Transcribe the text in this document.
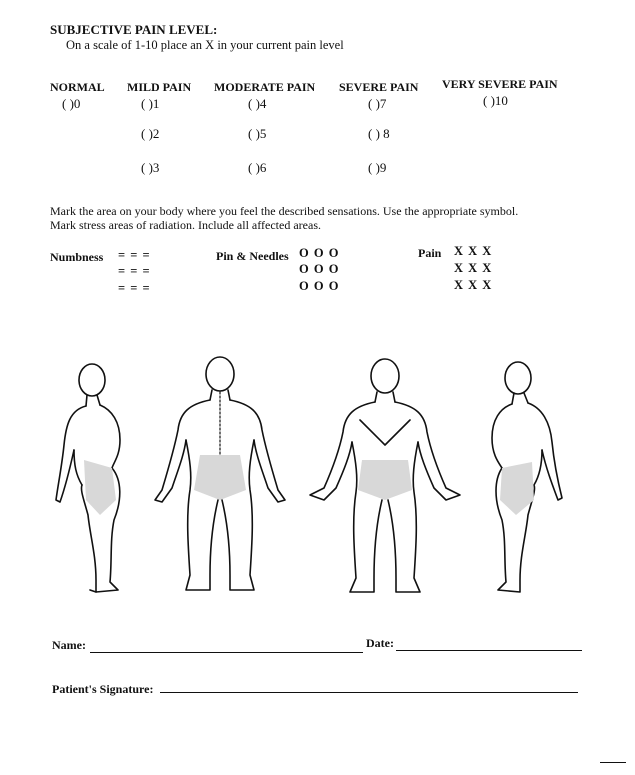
SUBJECTIVE PAIN LEVEL:
On a scale of 1-10 place an X in your current pain level
NORMAL MILD PAIN MODERATE PAIN SEVERE PAIN VERY SEVERE PAIN
( )0	( )1
( )2
( )3
( )4
( )5
( )6
( )7
( ) 8
( )9
( )10
Mark the area on your body where you feel the described sensations. Use the appropriate symbol.
Mark stress areas of radiation. Include all affected areas.
Numbness = = =
= = =
= = =
Pin & Needles O O O
O O O
O O O
Pain X X X
X X X
X X X
Name:	Date:
Patient's Signature:
